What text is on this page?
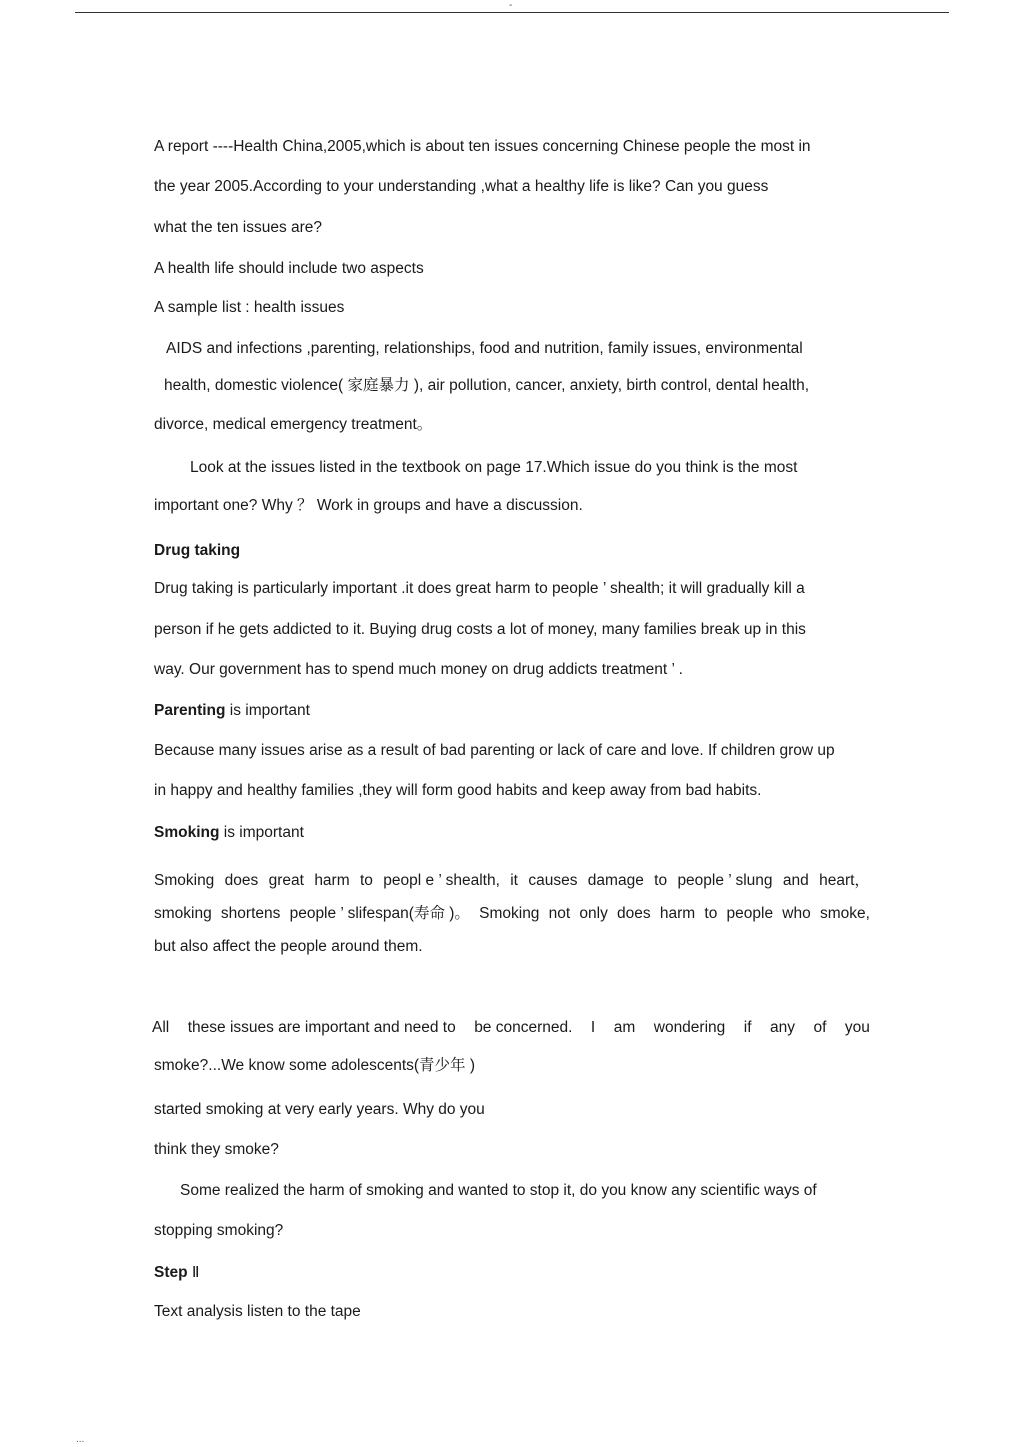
-
A report ----Health China,2005,which is about ten issues concerning Chinese people the most in
the year 2005.According to your understanding ,what a healthy life is like? Can you guess
what the ten issues are?
A health life should include two aspects
A sample list : health issues
AIDS and infections ,parenting, relationships, food and nutrition, family issues, environmental
health, domestic violence( 家庭暴力 ), air pollution, cancer, anxiety, birth control, dental health,
divorce, medical emergency treatment。
Look at the issues listed in the textbook on page 17.Which issue do you think is the most
important one? Why ？ Work in groups and have a discussion.
Drug taking
Drug taking is particularly important .it does great harm to people ’ shealth; it will gradually kill a
person if he gets addicted to it. Buying drug costs a lot of money, many families break up in this
way. Our government has to spend much money on drug addicts treatment ’ .
Parenting is important
Because many issues arise as a result of bad parenting or lack of care and love. If children grow up
in happy and healthy families ,they will form good habits and keep away from bad habits.
Smoking is important
Smoking does great harm to peopl e ’ shealth, it causes damage to people ’ slung and heart，
smoking shortens people ’ slifespan(寿命 )。 Smoking not only does harm to people who smoke,
but also affect the people around them.
All these issues are important and need to be concerned. I am wondering if any of you
smoke?...We know some adolescents(青少年 )
started smoking at very early years. Why do you
think they smoke?
Some realized the harm of smoking and wanted to stop it, do you know any scientific ways of
stopping smoking?
Step Ⅱ
Text analysis listen to the tape
...
